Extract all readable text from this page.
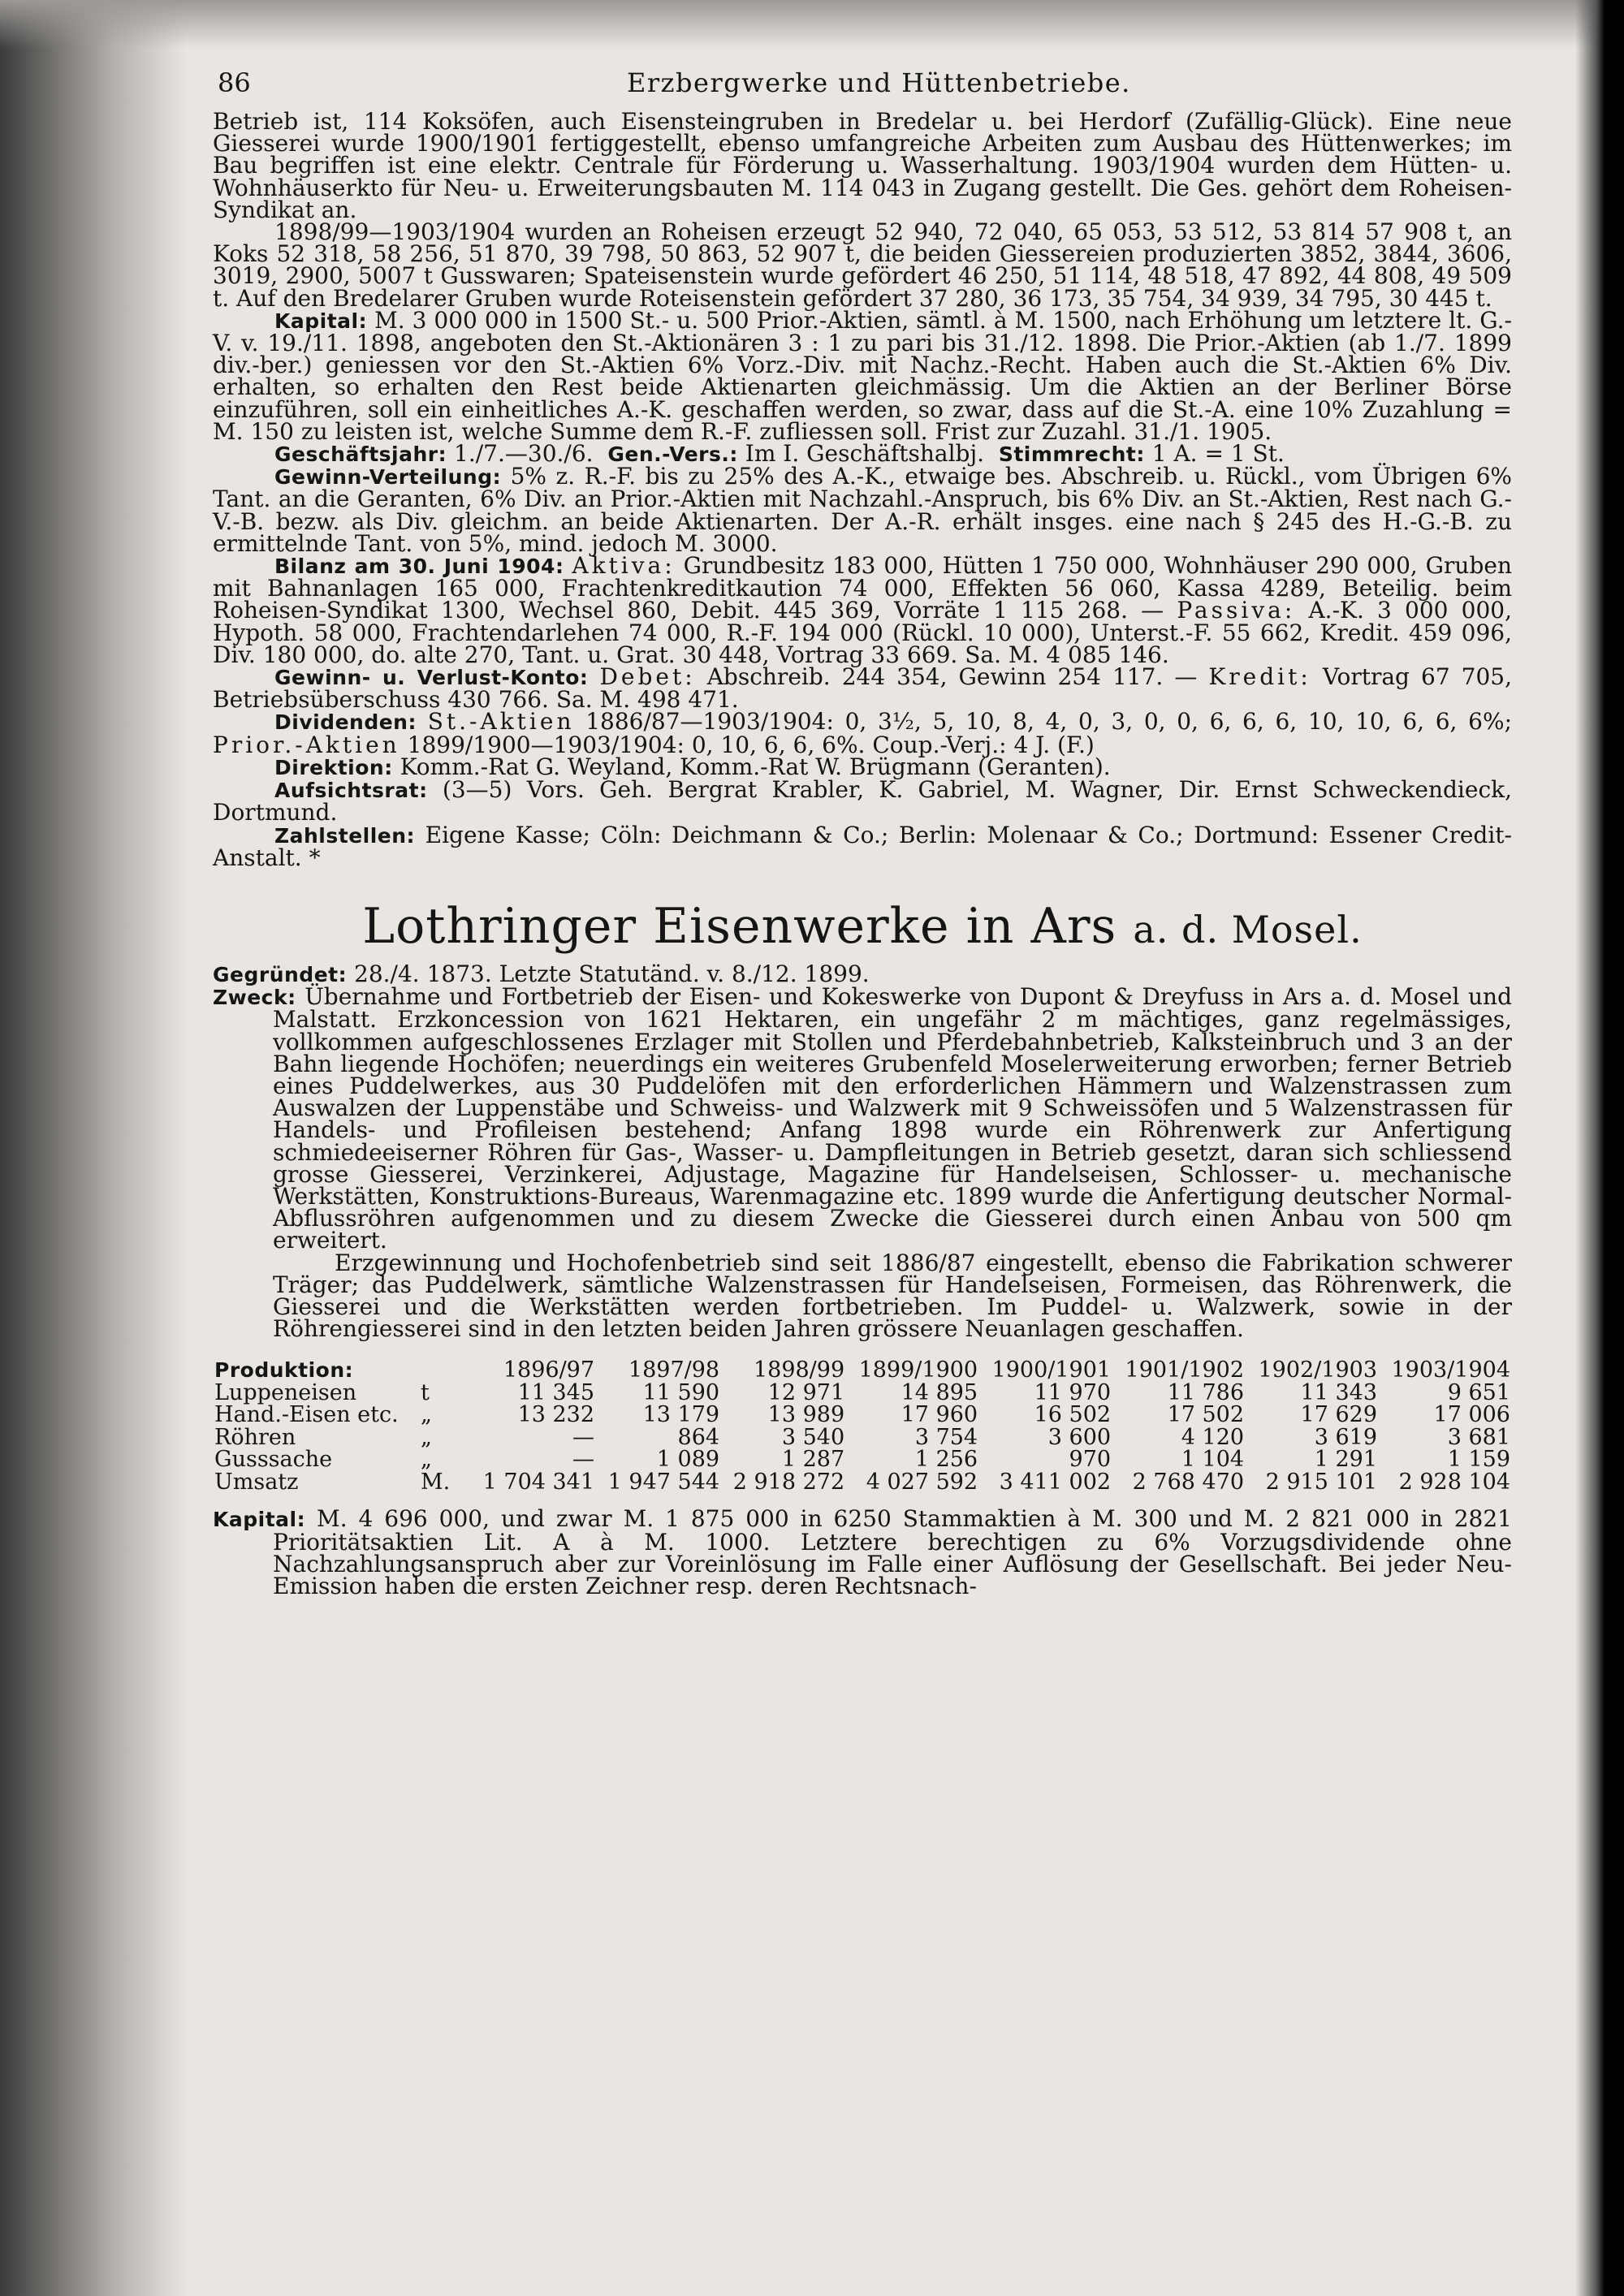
86	Erzbergwerke und Hüttenbetriebe.

Betrieb ist, 114 Koksöfen, auch Eisensteingruben in Bredelar u. bei Herdorf (Zufällig-Glück). Eine neue Giesserei wurde 1900/1901 fertiggestellt, ebenso umfangreiche Arbeiten zum Ausbau des Hüttenwerkes; im Bau begriffen ist eine elektr. Centrale für Förderung u. Wasserhaltung. 1903/1904 wurden dem Hütten- u. Wohnhäuserkto für Neu- u. Erweiterungsbauten M. 114 043 in Zugang gestellt. Die Ges. gehört dem Roheisen-Syndikat an.

1898/99—1903/1904 wurden an Roheisen erzeugt 52 940, 72 040, 65 053, 53 512, 53 814 57 908 t, an Koks 52 318, 58 256, 51 870, 39 798, 50 863, 52 907 t, die beiden Giessereien produzierten 3852, 3844, 3606, 3019, 2900, 5007 t Gusswaren; Spateisenstein wurde gefördert 46 250, 51 114, 48 518, 47 892, 44 808, 49 509 t. Auf den Bredelarer Gruben wurde Roteisenstein gefördert 37 280, 36 173, 35 754, 34 939, 34 795, 30 445 t.

Kapital: M. 3 000 000 in 1500 St.- u. 500 Prior.-Aktien, sämtl. à M. 1500, nach Erhöhung um letztere lt. G.-V. v. 19./11. 1898, angeboten den St.-Aktionären 3 : 1 zu pari bis 31./12. 1898. Die Prior.-Aktien (ab 1./7. 1899 div.-ber.) geniessen vor den St.-Aktien 6% Vorz.-Div. mit Nachz.-Recht. Haben auch die St.-Aktien 6% Div. erhalten, so erhalten den Rest beide Aktienarten gleichmässig. Um die Aktien an der Berliner Börse einzuführen, soll ein einheitliches A.-K. geschaffen werden, so zwar, dass auf die St.-A. eine 10% Zuzahlung = M. 150 zu leisten ist, welche Summe dem R.-F. zufliessen soll. Frist zur Zuzahl. 31./1. 1905.

Geschäftsjahr: 1./7.—30./6. Gen.-Vers.: Im I. Geschäftshalbj. Stimmrecht: 1 A. = 1 St.

Gewinn-Verteilung: 5% z. R.-F. bis zu 25% des A.-K., etwaige bes. Abschreib. u. Rückl., vom Übrigen 6% Tant. an die Geranten, 6% Div. an Prior.-Aktien mit Nachzahl.-Anspruch, bis 6% Div. an St.-Aktien, Rest nach G.-V.-B. bezw. als Div. gleichm. an beide Aktienarten. Der A.-R. erhält insges. eine nach § 245 des H.-G.-B. zu ermittelnde Tant. von 5%, mind. jedoch M. 3000.

Bilanz am 30. Juni 1904: Aktiva: Grundbesitz 183 000, Hütten 1 750 000, Wohnhäuser 290 000, Gruben mit Bahnanlagen 165 000, Frachtenkreditkaution 74 000, Effekten 56 060, Kassa 4289, Beteilig. beim Roheisen-Syndikat 1300, Wechsel 860, Debit. 445 369, Vorräte 1 115 268. — Passiva: A.-K. 3 000 000, Hypoth. 58 000, Frachtendarlehen 74 000, R.-F. 194 000 (Rückl. 10 000), Unterst.-F. 55 662, Kredit. 459 096, Div. 180 000, do. alte 270, Tant. u. Grat. 30 448, Vortrag 33 669. Sa. M. 4 085 146.

Gewinn- u. Verlust-Konto: Debet: Abschreib. 244 354, Gewinn 254 117. — Kredit: Vortrag 67 705, Betriebsüberschuss 430 766. Sa. M. 498 471.

Dividenden: St.-Aktien 1886/87—1903/1904: 0, 3½, 5, 10, 8, 4, 0, 3, 0, 0, 6, 6, 6, 10, 10, 6, 6, 6%; Prior.-Aktien 1899/1900—1903/1904: 0, 10, 6, 6, 6%. Coup.-Verj.: 4 J. (F.)

Direktion: Komm.-Rat G. Weyland, Komm.-Rat W. Brügmann (Geranten).

Aufsichtsrat: (3—5) Vors. Geh. Bergrat Krabler, K. Gabriel, M. Wagner, Dir. Ernst Schweckendieck, Dortmund.

Zahlstellen: Eigene Kasse; Cöln: Deichmann & Co.; Berlin: Molenaar & Co.; Dortmund: Essener Credit-Anstalt. *

Lothringer Eisenwerke in Ars a. d. Mosel.

Gegründet: 28./4. 1873. Letzte Statutänd. v. 8./12. 1899.

Zweck: Übernahme und Fortbetrieb der Eisen- und Kokeswerke von Dupont & Dreyfuss in Ars a. d. Mosel und Malstatt. Erzkoncession von 1621 Hektaren, ein ungefähr 2 m mächtiges, ganz regelmässiges, vollkommen aufgeschlossenes Erzlager mit Stollen und Pferdebahnbetrieb, Kalksteinbruch und 3 an der Bahn liegende Hochöfen; neuerdings ein weiteres Grubenfeld Moselerweiterung erworben; ferner Betrieb eines Puddelwerkes, aus 30 Puddelöfen mit den erforderlichen Hämmern und Walzenstrassen zum Auswalzen der Luppenstäbe und Schweiss- und Walzwerk mit 9 Schweissöfen und 5 Walzenstrassen für Handels- und Profileisen bestehend; Anfang 1898 wurde ein Röhrenwerk zur Anfertigung schmiedeeiserner Röhren für Gas-, Wasser- u. Dampfleitungen in Betrieb gesetzt, daran sich schliessend grosse Giesserei, Verzinkerei, Adjustage, Magazine für Handelseisen, Schlosser- u. mechanische Werkstätten, Konstruktions-Bureaus, Warenmagazine etc. 1899 wurde die Anfertigung deutscher Normal-Abflussröhren aufgenommen und zu diesem Zwecke die Giesserei durch einen Anbau von 500 qm erweitert.

Erzgewinnung und Hochofenbetrieb sind seit 1886/87 eingestellt, ebenso die Fabrikation schwerer Träger; das Puddelwerk, sämtliche Walzenstrassen für Handelseisen, Formeisen, das Röhrenwerk, die Giesserei und die Werkstätten werden fortbetrieben. Im Puddel- u. Walzwerk, sowie in der Röhrengiesserei sind in den letzten beiden Jahren grössere Neuanlagen geschaffen.

Produktion:		1896/97	1897/98	1898/99	1899/1900	1900/1901	1901/1902	1902/1903	1903/1904
Luppeneisen	t	11 345	11 590	12 971	14 895	11 970	11 786	11 343	9 651
Hand.-Eisen etc.	„	13 232	13 179	13 989	17 960	16 502	17 502	17 629	17 006
Röhren	„	—	864	3 540	3 754	3 600	4 120	3 619	3 681
Gusssache	„	—	1 089	1 287	1 256	970	1 104	1 291	1 159
Umsatz	M.	1 704 341	1 947 544	2 918 272	4 027 592	3 411 002	2 768 470	2 915 101	2 928 104

Kapital: M. 4 696 000, und zwar M. 1 875 000 in 6250 Stammaktien à M. 300 und M. 2 821 000 in 2821 Prioritätsaktien Lit. A à M. 1000. Letztere berechtigen zu 6% Vorzugsdividende ohne Nachzahlungsanspruch aber zur Voreinlösung im Falle einer Auflösung der Gesellschaft. Bei jeder Neu-Emission haben die ersten Zeichner resp. deren Rechtsnach-
